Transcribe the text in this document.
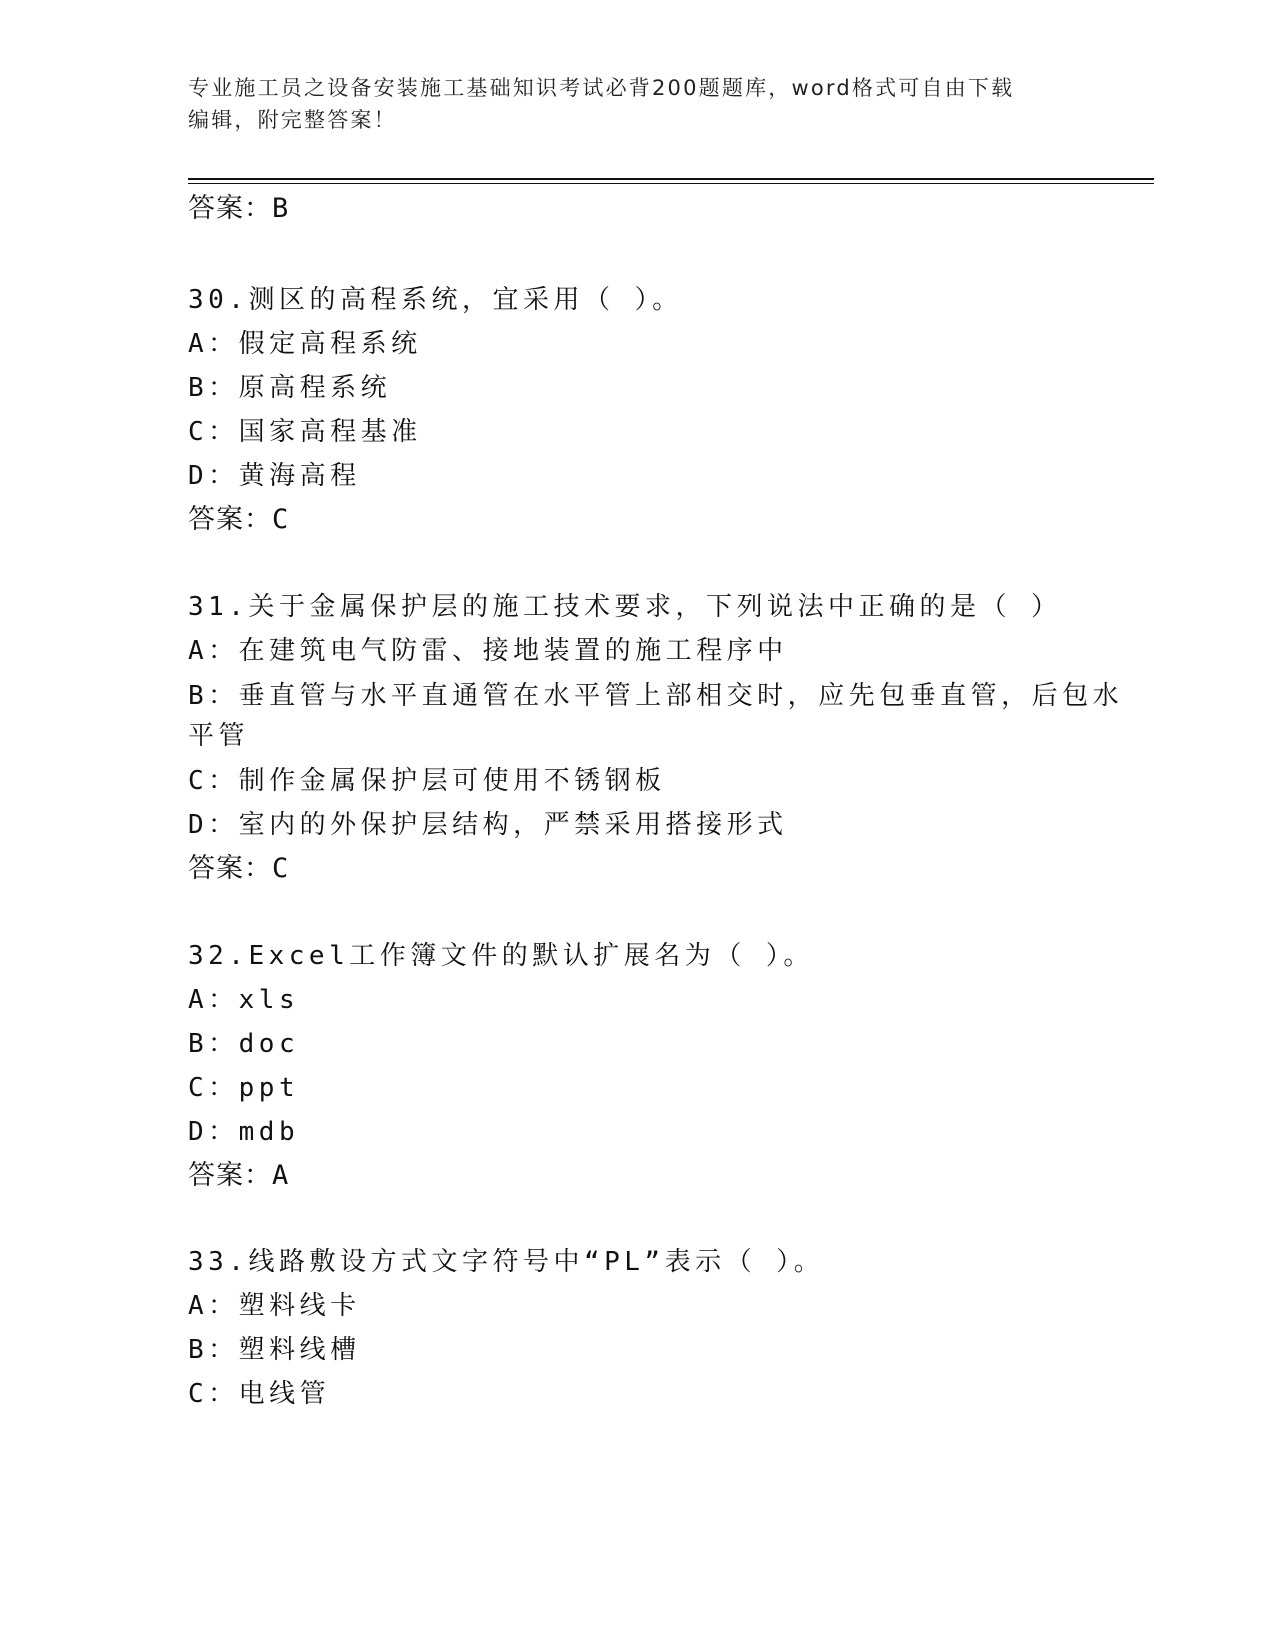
专业施工员之设备安装施工基础知识考试必背200题题库，word格式可自由下载
编辑，附完整答案！
答案：B
30.测区的高程系统，宜采用（ ）。
A：假定高程系统
B：原高程系统
C：国家高程基准
D：黄海高程
答案：C
31.关于金属保护层的施工技术要求，下列说法中正确的是（ ）
A：在建筑电气防雷、接地装置的施工程序中
B：垂直管与水平直通管在水平管上部相交时，应先包垂直管，后包水
平管
C：制作金属保护层可使用不锈钢板
D：室内的外保护层结构，严禁采用搭接形式
答案：C
32.Excel工作簿文件的默认扩展名为（ ）。
A：xls
B：doc
C：ppt
D：mdb
答案：A
33.线路敷设方式文字符号中“PL”表示（ ）。
A：塑料线卡
B：塑料线槽
C：电线管
